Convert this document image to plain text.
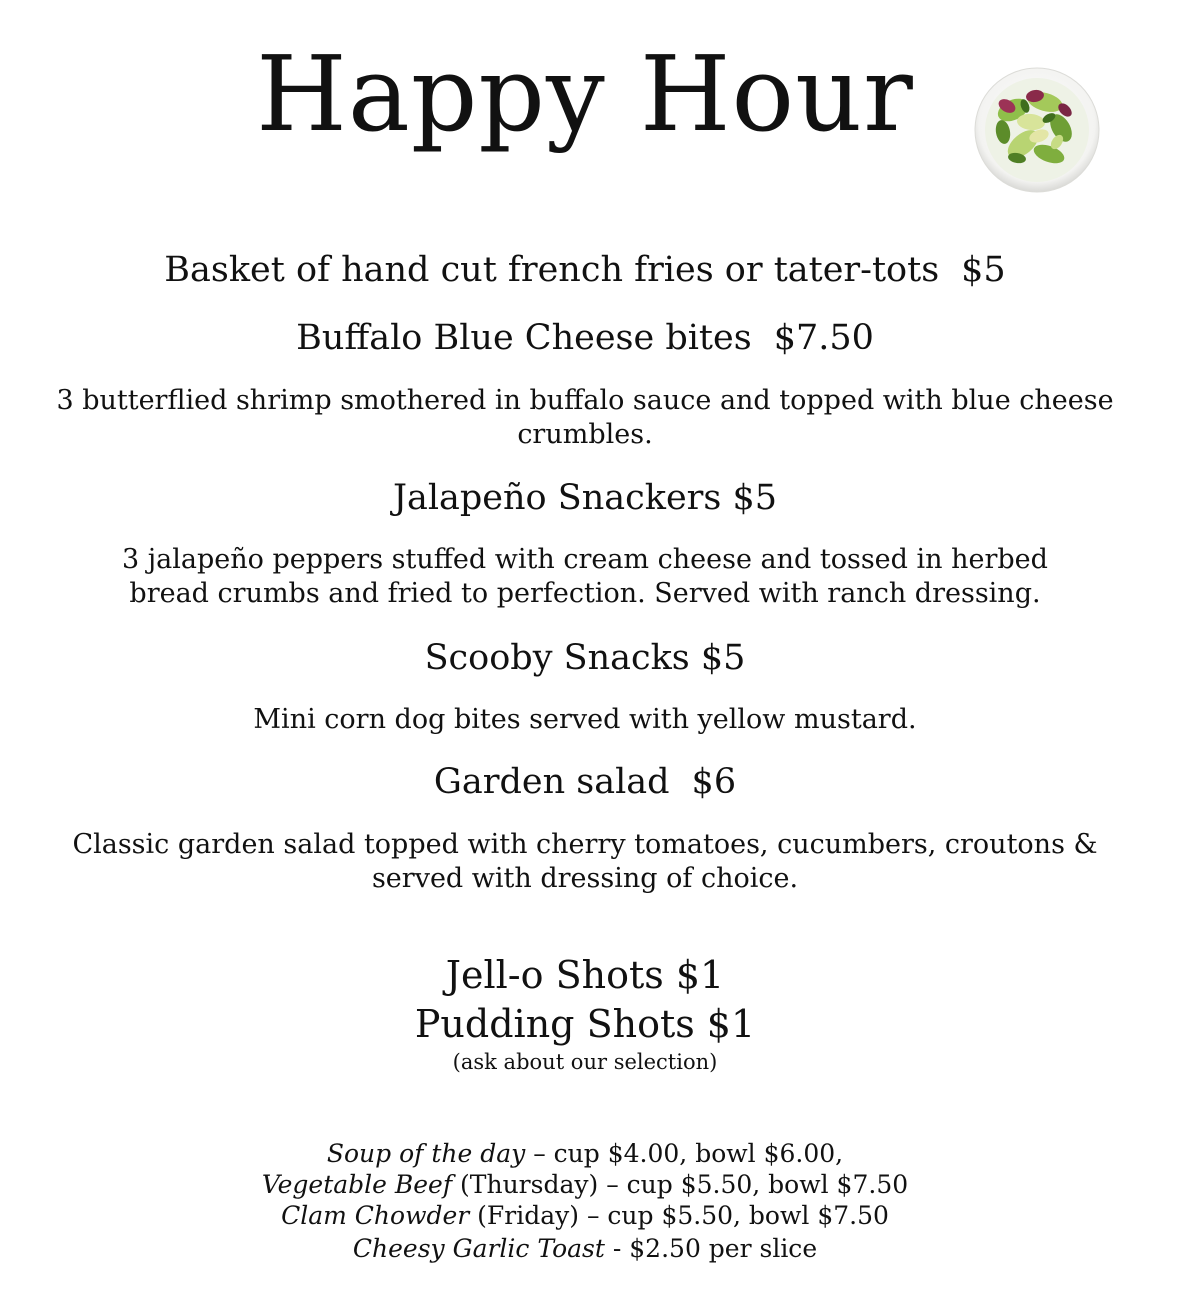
Happy Hour
Basket of hand cut french fries or tater-tots $5
Buffalo Blue Cheese bites $7.50
3 butterflied shrimp smothered in buffalo sauce and topped with blue cheese crumbles.
Jalapeño Snackers $5
3 jalapeño peppers stuffed with cream cheese and tossed in herbed bread crumbs and fried to perfection. Served with ranch dressing.
Scooby Snacks $5
Mini corn dog bites served with yellow mustard.
Garden salad $6
Classic garden salad topped with cherry tomatoes, cucumbers, croutons & served with dressing of choice.
Jell-o Shots $1
Pudding Shots $1
(ask about our selection)
Soup of the day – cup $4.00, bowl $6.00,
Vegetable Beef (Thursday) – cup $5.50, bowl $7.50
Clam Chowder (Friday) – cup $5.50, bowl $7.50
Cheesy Garlic Toast - $2.50 per slice
